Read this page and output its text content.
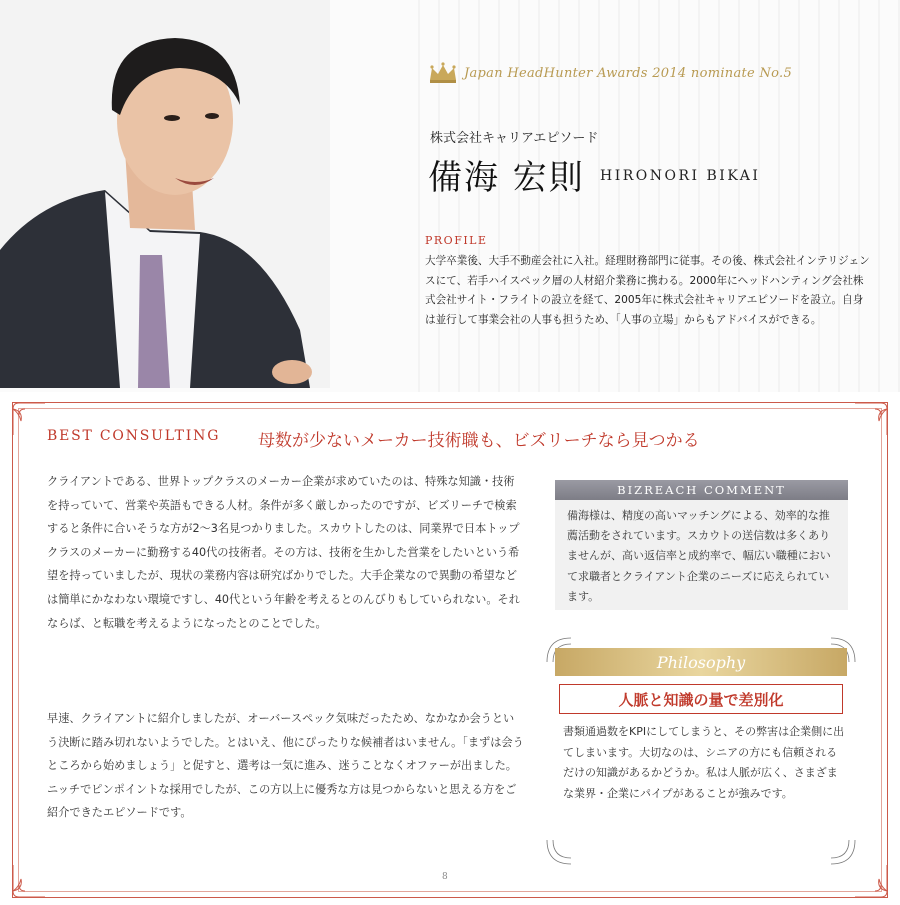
Japan HeadHunter Awards 2014 nominate No.5
株式会社キャリアエピソード
備海 宏則 HIRONORI BIKAI
PROFILE
大学卒業後、大手不動産会社に入社。経理財務部門に従事。その後、株式会社インテリジェンスにて、若手ハイスペック層の人材紹介業務に携わる。2000年にヘッドハンティング会社株式会社サイト・フライトの設立を経て、2005年に株式会社キャリアエピソードを設立。自身は並行して事業会社の人事も担うため、「人事の立場」からもアドバイスができる。
BEST CONSULTING 母数が少ないメーカー技術職も、ビズリーチなら見つかる
クライアントである、世界トップクラスのメーカー企業が求めていたのは、特殊な知識・技術を持っていて、営業や英語もできる人材。条件が多く厳しかったのですが、ビズリーチで検索すると条件に合いそうな方が2〜3名見つかりました。スカウトしたのは、同業界で日本トップクラスのメーカーに勤務する40代の技術者。その方は、技術を生かした営業をしたいという希望を持っていましたが、現状の業務内容は研究ばかりでした。大手企業なので異動の希望などは簡単にかなわない環境ですし、40代という年齢を考えるとのんびりもしていられない。それならば、と転職を考えるようになったとのことでした。
早速、クライアントに紹介しましたが、オーバースペック気味だったため、なかなか会うという決断に踏み切れないようでした。とはいえ、他にぴったりな候補者はいません。「まずは会うところから始めましょう」と促すと、選考は一気に進み、迷うことなくオファーが出ました。ニッチでピンポイントな採用でしたが、この方以上に優秀な方は見つからないと思える方をご紹介できたエピソードです。
BIZREACH COMMENT
備海様は、精度の高いマッチングによる、効率的な推薦活動をされています。スカウトの送信数は多くありませんが、高い返信率と成約率で、幅広い職種において求職者とクライアント企業のニーズに応えられています。
Philosophy
人脈と知識の量で差別化
書類通過数をKPIにしてしまうと、その弊害は企業側に出てしまいます。大切なのは、シニアの方にも信頼されるだけの知識があるかどうか。私は人脈が広く、さまざまな業界・企業にパイプがあることが強みです。
8
